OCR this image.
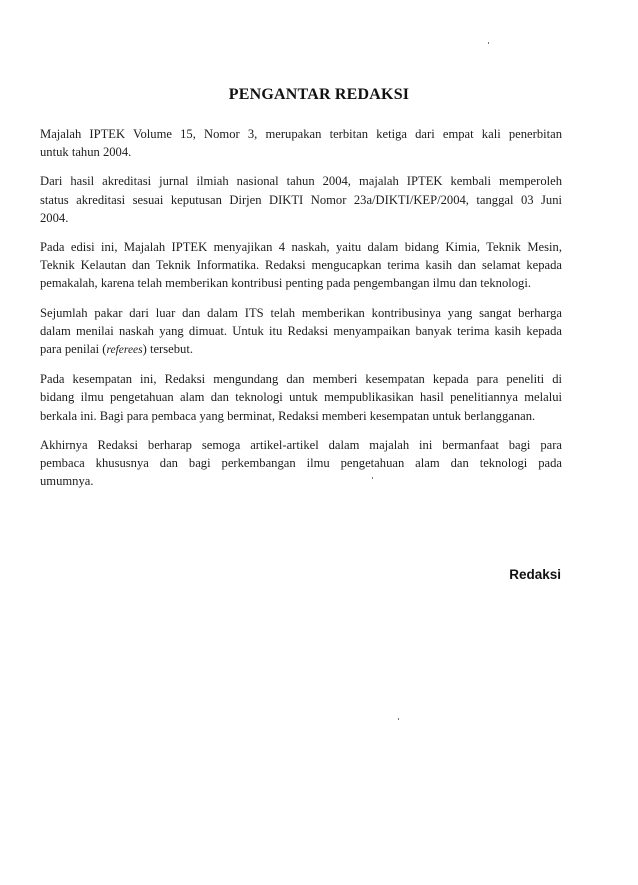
PENGANTAR REDAKSI

Majalah IPTEK Volume 15, Nomor 3, merupakan terbitan ketiga dari empat kali penerbitan
untuk tahun 2004.

Dari hasil akreditasi jurnal ilmiah nasional tahun 2004, majalah IPTEK kembali memperoleh
status akreditasi sesuai keputusan Dirjen DIKTI Nomor 23a/DIKTI/KEP/2004, tanggal 03 Juni
2004.

Pada edisi ini, Majalah IPTEK menyajikan 4 naskah, yaitu dalam bidang Kimia, Teknik Mesin,
Teknik Kelautan dan Teknik Informatika. Redaksi mengucapkan terima kasih dan selamat kepada
pemakalah, karena telah memberikan kontribusi penting pada pengembangan ilmu dan teknologi.

Sejumlah pakar dari luar dan dalam ITS telah memberikan kontribusinya yang sangat berharga
dalam menilai naskah yang dimuat. Untuk itu Redaksi menyampaikan banyak terima kasih kepada
para penilai (referees) tersebut.

Pada kesempatan ini, Redaksi mengundang dan memberi kesempatan kepada para peneliti di
bidang ilmu pengetahuan alam dan teknologi untuk mempublikasikan hasil penelitiannya melalui
berkala ini. Bagi para pembaca yang berminat, Redaksi memberi kesempatan untuk berlangganan.

Akhirnya Redaksi berharap semoga artikel-artikel dalam majalah ini bermanfaat bagi para
pembaca khususnya dan bagi perkembangan ilmu pengetahuan alam dan teknologi pada
umumnya.

Redaksi
